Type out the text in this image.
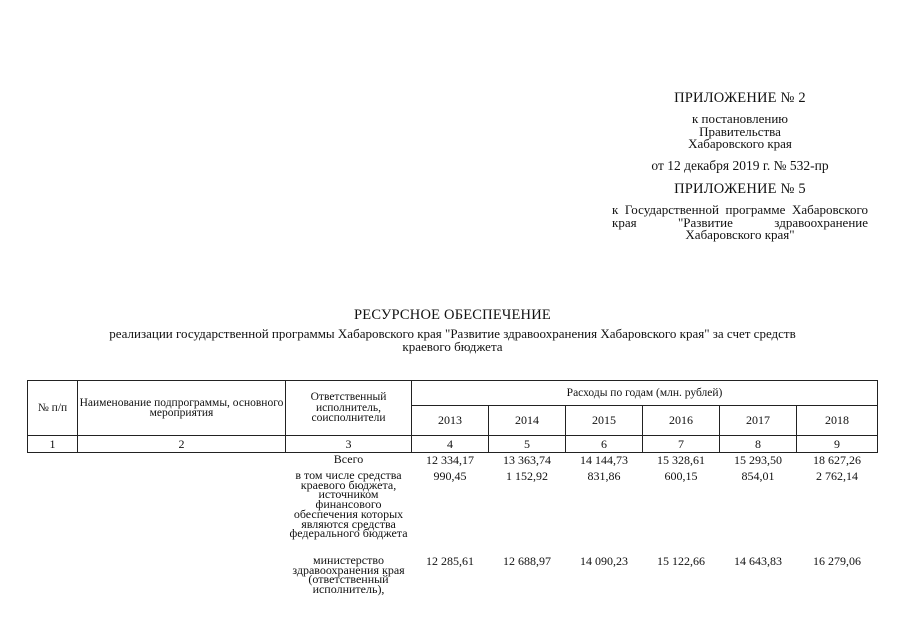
ПРИЛОЖЕНИЕ № 2
к постановлению
Правительства
Хабаровского края
от 12 декабря 2019 г. № 532-пр
ПРИЛОЖЕНИЕ № 5
к Государственной программе Хабаровского края "Развитие здравоохранение Хабаровского края"
РЕСУРСНОЕ ОБЕСПЕЧЕНИЕ
реализации государственной программы Хабаровского края "Развитие здравоохранения Хабаровского края" за счет средств краевого бюджета
№ п/п	Наименование подпрограммы, основного мероприятия	Ответственный исполнитель, соисполнители	Расходы по годам (млн. рублей)					
			2013	2014	2015	2016	2017	2018
1	2	3	4	5	6	7	8	9
		Всего	12 334,17	13 363,74	14 144,73	15 328,61	15 293,50	18 627,26
		в том числе средства краевого бюджета, источником финансового обеспечения которых являются средства федерального бюджета	990,45	1 152,92	831,86	600,15	854,01	2 762,14
		министерство здравоохранения края (ответственный исполнитель),	12 285,61	12 688,97	14 090,23	15 122,66	14 643,83	16 279,06
